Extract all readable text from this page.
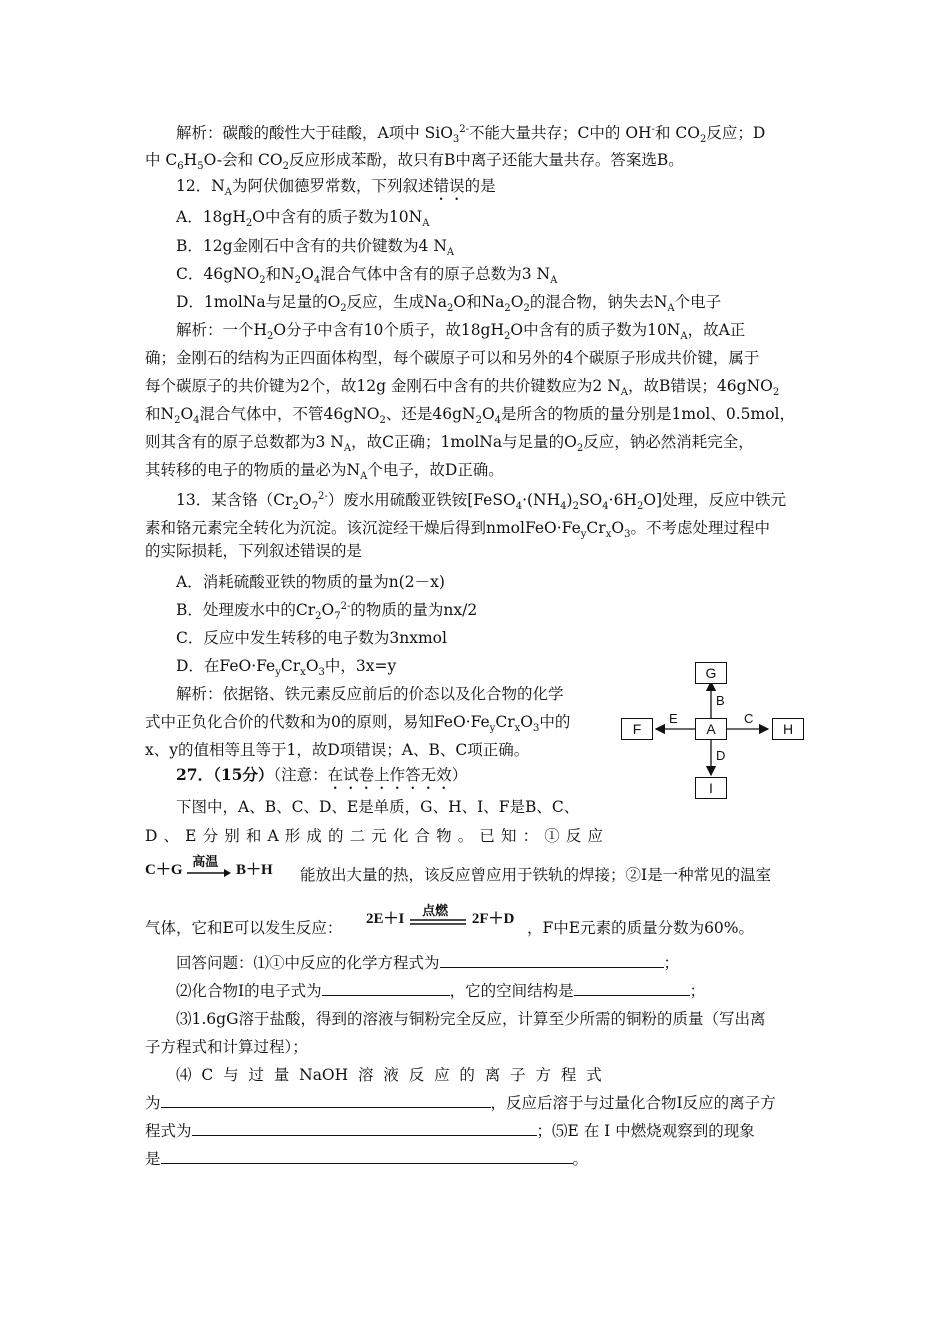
解析：碳酸的酸性大于硅酸，A项中 SiO$_3^{2-}$不能大量共存；C中的 OH-和 $CO_2$反应；D
中 $C_6H_5O-$会和 $CO_2$反应形成苯酚，故只有B中离子还能大量共存。答案选B。
12．$N_A$为阿伏伽德罗常数，下列叙述错误的是
A．$18gH_2O$中含有的质子数为$10N_A$
B．12g金刚石中含有的共价键数为4 $N_A$
C．46gNO$_2$和$N_2O_4$混合气体中含有的原子总数为3 $N_A$
D．1molNa与足量的$O_2$反应，生成$Na_2O$和$Na_2O_2$的混合物，钠失去$N_A$个电子
解析：一个$H_2O$分子中含有10个质子，故$18gH_2O$中含有的质子数为$10N_A$，故A正
确；金刚石的结构为正四面体构型，每个碳原子可以和另外的4个碳原子形成共价键，属于
每个碳原子的共价键为2个，故12g 金刚石中含有的共价键数应为2 $N_A$，故B错误；46gNO$_2$
和$N_2O_4$混合气体中，不管46gNO$_2$、还是$46gN_2O_4$是所含的物质的量分别是1mol、0.5mol，
则其含有的原子总数都为3 $N_A$，故C正确；1molNa与足量的$O_2$反应，钠必然消耗完全，
其转移的电子的物质的量必为$N_A$个电子，故D正确。
13．某含铬$(Cr_2O_7^{2-})$废水用硫酸亚铁铵$[FeSO_4\cdot(NH_4)_2SO_4\cdot 6H_2O]$处理，反应中铁元
素和铬元素完全转化为沉淀。该沉淀经干燥后得到$nmolFeO\cdot Fe_yCr_xO_3$。不考虑处理过程中
的实际损耗，下列叙述错误的是
A．消耗硫酸亚铁的物质的量为n(2－x)
B．处理废水中的$Cr_2O_7^{2-}$的物质的量为nx/2
C．反应中发生转移的电子数为3nxmol
D．在$FeO\cdot Fe_yCr_xO_3$中，3x=y
解析：依据铬、铁元素反应前后的价态以及化合物的化学
式中正负化合价的代数和为0的原则，易知$FeO\cdot Fe_yCr_xO_3$中的
x、y的值相等且等于1，故D项错误；A、B、C项正确。
G
F	A	H
I
B
E	C
D
27．（15分）（注意：在试卷上作答无效）
下图中，A、B、C、D、E是单质，G、H、I、F是B、C、
D、E分别和A形成的二元化合物。已知：①反应
C＋G
高温
B＋H 能放出大量的热，该反应曾应用于铁轨的焊接；②I是一种常见的温室
气体，它和E可以发生反应：	2E＋I
点燃
2F＋D ，F中E元素的质量分数为60%。
回答问题：⑴①中反应的化学方程式为	；
⑵化合物I的电子式为	，它的空间结构是	；
⑶1.6gG溶于盐酸，得到的溶液与铜粉完全反应，计算至少所需的铜粉的质量（写出离
子方程式和计算过程）；
⑷  C  与  过  量  NaOH  溶  液  反  应  的  离  子  方  程  式
为	，反应后溶于与过量化合物I反应的离子方
程式为	；⑸E 在 I 中燃烧观察到的现象
是	。
